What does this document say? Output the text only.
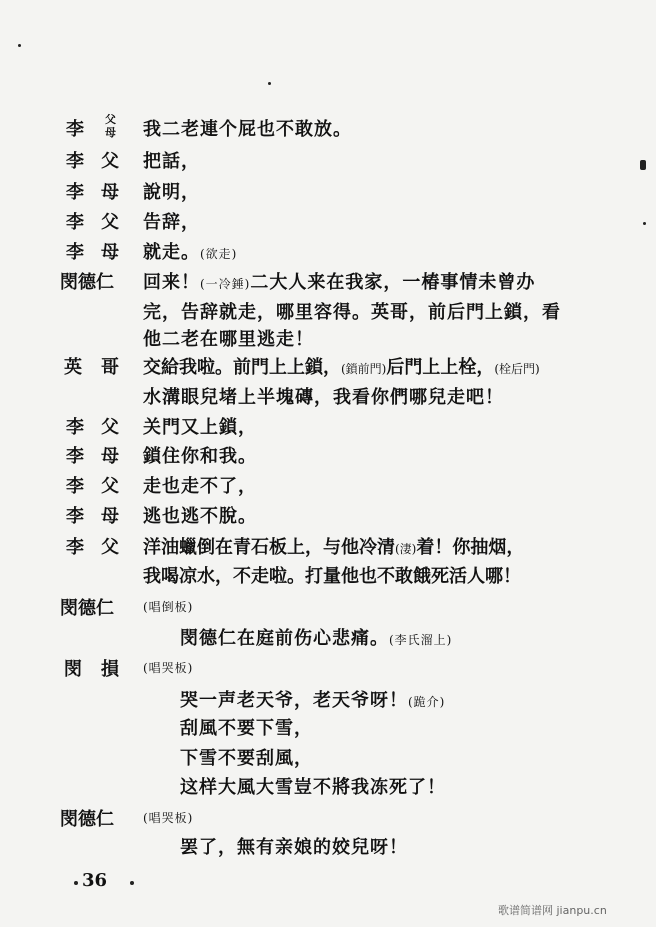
李 父
母 我二老連个屁也不敢放。
李 父 把話，
李 母 說明，
李 父 告辞，
李 母 就走。(欲走)
閔德仁 回来！(一冷錘)二大人来在我家，一椿事情未曾办
完，告辞就走，哪里容得。英哥，前后門上鎖，看
他二老在哪里逃走！
英 哥 交給我啦。前門上上鎖，(鎖前門)后門上上栓，(栓后門)
水溝眼兒堵上半塊磚，我看你們哪兒走吧！
李 父 关門又上鎖，
李 母 鎖住你和我。
李 父 走也走不了，
李 母 逃也逃不脫。
李 父 洋油蠟倒在青石板上，与他冷清(淒)着！你抽烟，
我喝凉水，不走啦。打量他也不敢餓死活人哪！
閔德仁 (唱倒板)
閔德仁在庭前伤心悲痛。(李氏溜上)
閔 損 (唱哭板)
哭一声老天爷，老天爷呀！(跪介)
刮風不要下雪，
下雪不要刮風，
这样大風大雪豈不將我冻死了！
閔德仁 (唱哭板)
罢了，無有亲娘的姣兒呀！
36
歌谱简谱网 jianpu.cn
